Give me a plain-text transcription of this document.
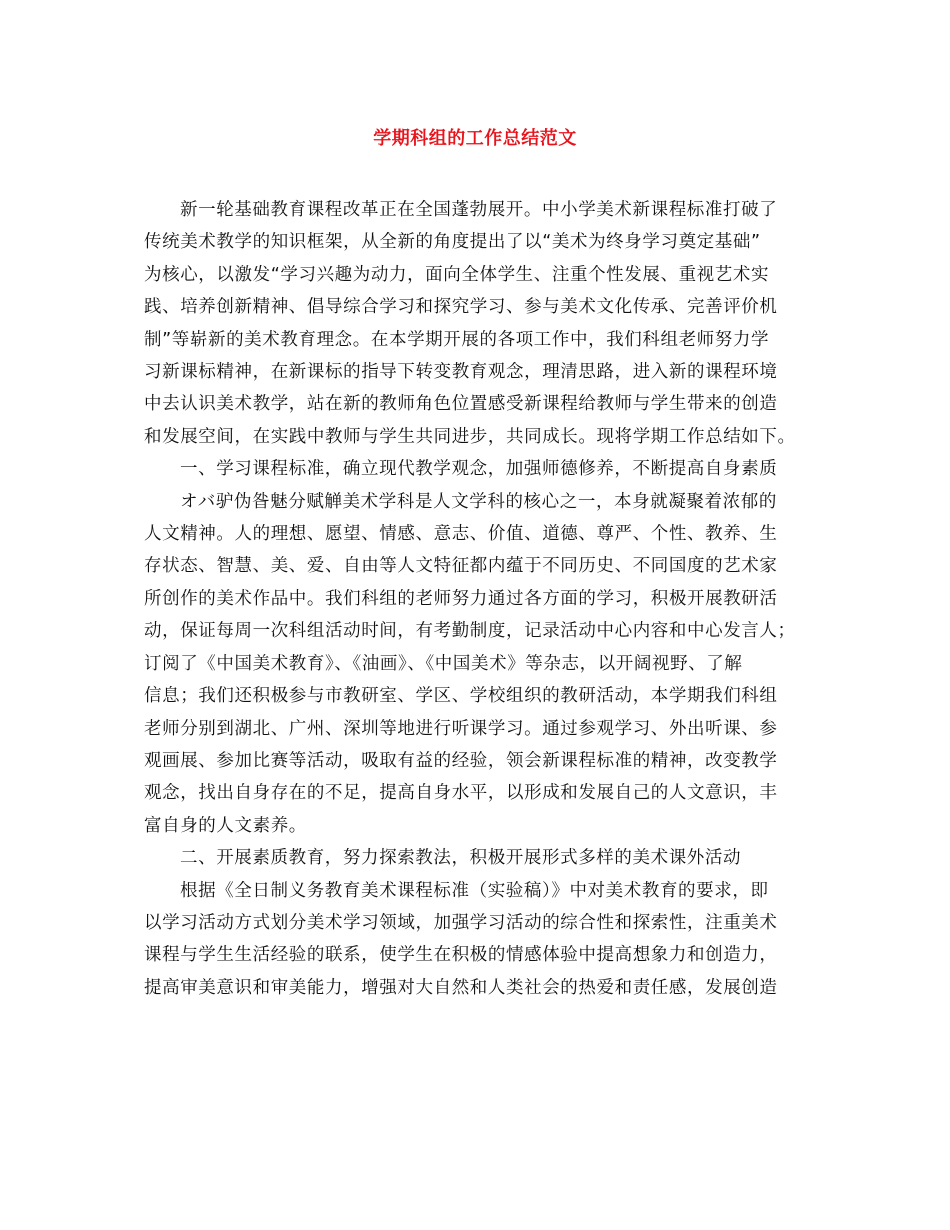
学期科组的工作总结范文

新一轮基础教育课程改革正在全国蓬勃展开。中小学美术新课程标准打破了
传统美术教学的知识框架，从全新的角度提出了以“美术为终身学习奠定基础”
为核心，以激发“学习兴趣为动力，面向全体学生、注重个性发展、重视艺术实
践、培养创新精神、倡导综合学习和探究学习、参与美术文化传承、完善评价机
制”等崭新的美术教育理念。在本学期开展的各项工作中，我们科组老师努力学
习新课标精神，在新课标的指导下转变教育观念，理清思路，进入新的课程环境
中去认识美术教学，站在新的教师角色位置感受新课程给教师与学生带来的创造
和发展空间，在实践中教师与学生共同进步，共同成长。现将学期工作总结如下。
一、学习课程标准，确立现代教学观念，加强师德修养，不断提高自身素质
オバ驴伪昝魅分赋觯美术学科是人文学科的核心之一，本身就凝聚着浓郁的
人文精神。人的理想、愿望、情感、意志、价值、道德、尊严、个性、教养、生
存状态、智慧、美、爱、自由等人文特征都内蕴于不同历史、不同国度的艺术家
所创作的美术作品中。我们科组的老师努力通过各方面的学习，积极开展教研活
动，保证每周一次科组活动时间，有考勤制度，记录活动中心内容和中心发言人；
订阅了《中国美术教育》、《油画》、《中国美术》等杂志，以开阔视野、了解
信息；我们还积极参与市教研室、学区、学校组织的教研活动，本学期我们科组
老师分别到湖北、广州、深圳等地进行听课学习。通过参观学习、外出听课、参
观画展、参加比赛等活动，吸取有益的经验，领会新课程标准的精神，改变教学
观念，找出自身存在的不足，提高自身水平，以形成和发展自己的人文意识，丰
富自身的人文素养。
二、开展素质教育，努力探索教法，积极开展形式多样的美术课外活动
根据《全日制义务教育美术课程标准（实验稿）》中对美术教育的要求，即
以学习活动方式划分美术学习领域，加强学习活动的综合性和探索性，注重美术
课程与学生生活经验的联系，使学生在积极的情感体验中提高想象力和创造力，
提高审美意识和审美能力，增强对大自然和人类社会的热爱和责任感，发展创造
